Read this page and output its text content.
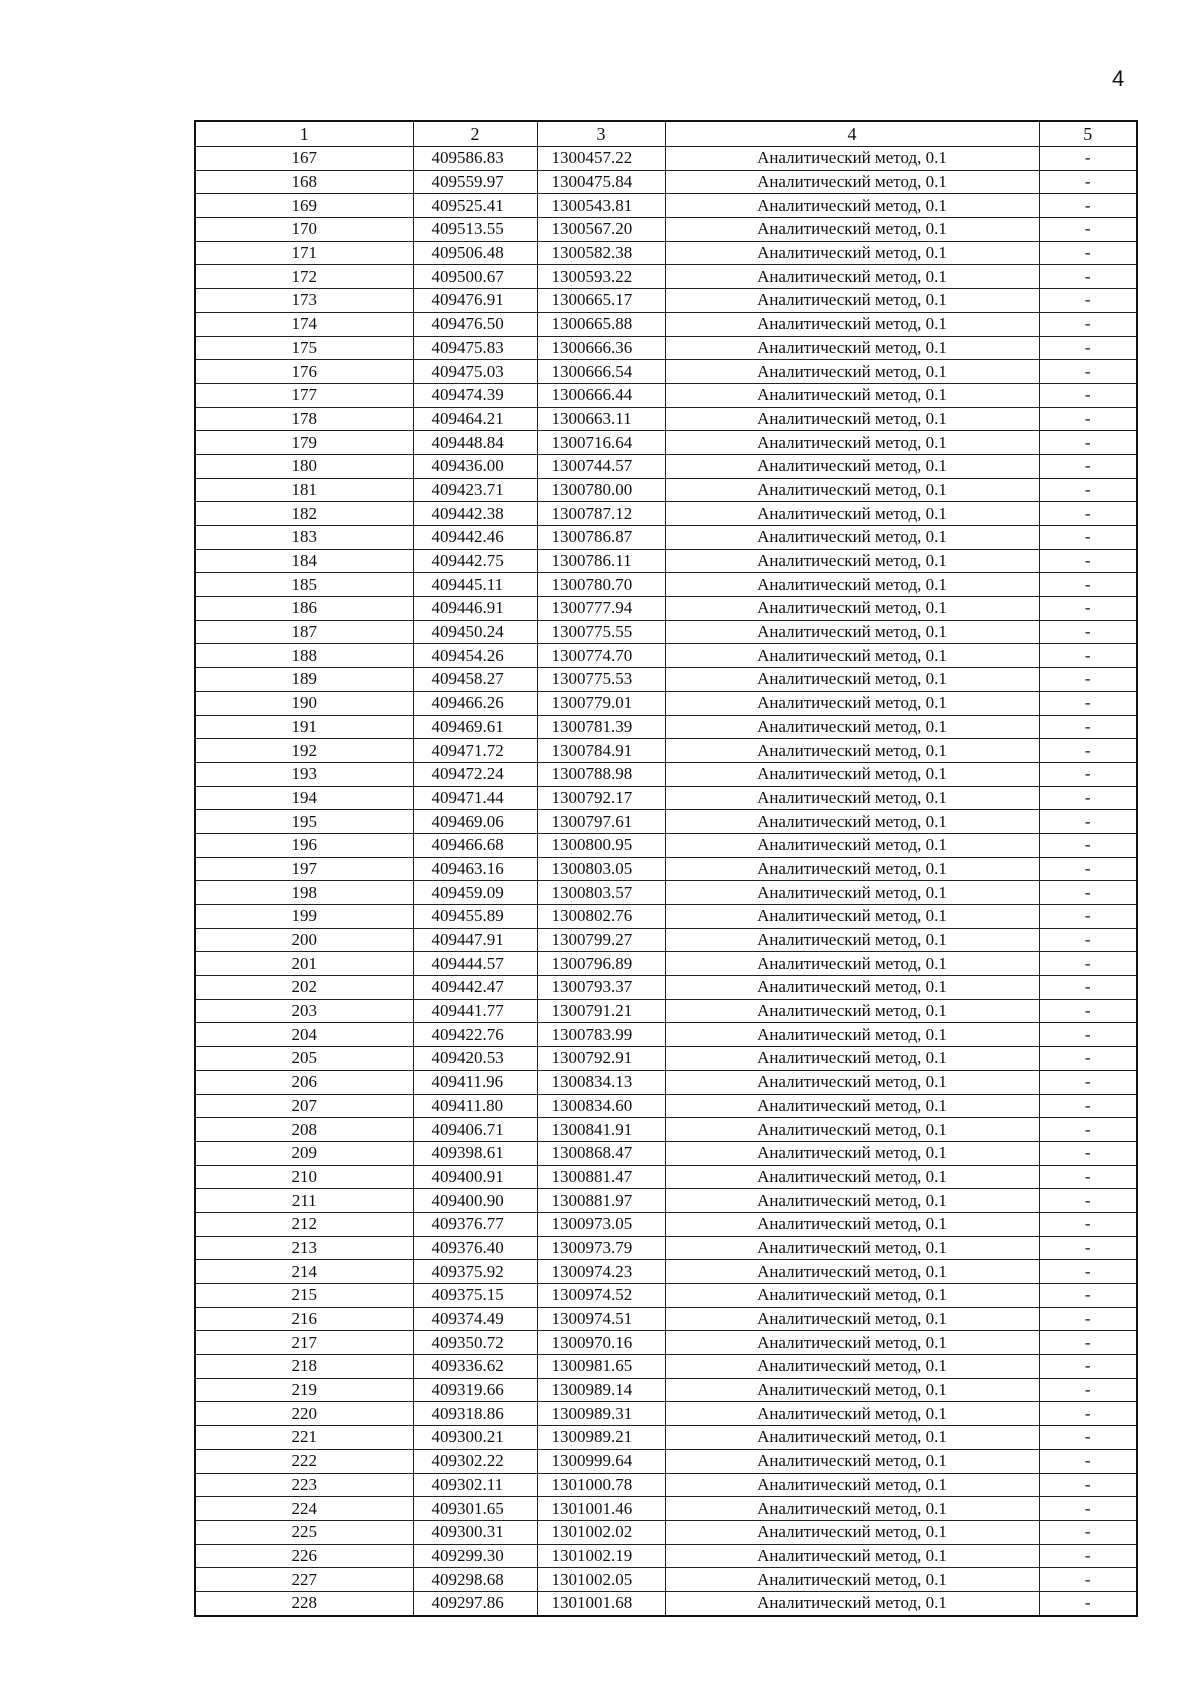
4
1	2	3	4	5
167	409586.83	1300457.22	Аналитический метод, 0.1	-
168	409559.97	1300475.84	Аналитический метод, 0.1	-
169	409525.41	1300543.81	Аналитический метод, 0.1	-
170	409513.55	1300567.20	Аналитический метод, 0.1	-
171	409506.48	1300582.38	Аналитический метод, 0.1	-
172	409500.67	1300593.22	Аналитический метод, 0.1	-
173	409476.91	1300665.17	Аналитический метод, 0.1	-
174	409476.50	1300665.88	Аналитический метод, 0.1	-
175	409475.83	1300666.36	Аналитический метод, 0.1	-
176	409475.03	1300666.54	Аналитический метод, 0.1	-
177	409474.39	1300666.44	Аналитический метод, 0.1	-
178	409464.21	1300663.11	Аналитический метод, 0.1	-
179	409448.84	1300716.64	Аналитический метод, 0.1	-
180	409436.00	1300744.57	Аналитический метод, 0.1	-
181	409423.71	1300780.00	Аналитический метод, 0.1	-
182	409442.38	1300787.12	Аналитический метод, 0.1	-
183	409442.46	1300786.87	Аналитический метод, 0.1	-
184	409442.75	1300786.11	Аналитический метод, 0.1	-
185	409445.11	1300780.70	Аналитический метод, 0.1	-
186	409446.91	1300777.94	Аналитический метод, 0.1	-
187	409450.24	1300775.55	Аналитический метод, 0.1	-
188	409454.26	1300774.70	Аналитический метод, 0.1	-
189	409458.27	1300775.53	Аналитический метод, 0.1	-
190	409466.26	1300779.01	Аналитический метод, 0.1	-
191	409469.61	1300781.39	Аналитический метод, 0.1	-
192	409471.72	1300784.91	Аналитический метод, 0.1	-
193	409472.24	1300788.98	Аналитический метод, 0.1	-
194	409471.44	1300792.17	Аналитический метод, 0.1	-
195	409469.06	1300797.61	Аналитический метод, 0.1	-
196	409466.68	1300800.95	Аналитический метод, 0.1	-
197	409463.16	1300803.05	Аналитический метод, 0.1	-
198	409459.09	1300803.57	Аналитический метод, 0.1	-
199	409455.89	1300802.76	Аналитический метод, 0.1	-
200	409447.91	1300799.27	Аналитический метод, 0.1	-
201	409444.57	1300796.89	Аналитический метод, 0.1	-
202	409442.47	1300793.37	Аналитический метод, 0.1	-
203	409441.77	1300791.21	Аналитический метод, 0.1	-
204	409422.76	1300783.99	Аналитический метод, 0.1	-
205	409420.53	1300792.91	Аналитический метод, 0.1	-
206	409411.96	1300834.13	Аналитический метод, 0.1	-
207	409411.80	1300834.60	Аналитический метод, 0.1	-
208	409406.71	1300841.91	Аналитический метод, 0.1	-
209	409398.61	1300868.47	Аналитический метод, 0.1	-
210	409400.91	1300881.47	Аналитический метод, 0.1	-
211	409400.90	1300881.97	Аналитический метод, 0.1	-
212	409376.77	1300973.05	Аналитический метод, 0.1	-
213	409376.40	1300973.79	Аналитический метод, 0.1	-
214	409375.92	1300974.23	Аналитический метод, 0.1	-
215	409375.15	1300974.52	Аналитический метод, 0.1	-
216	409374.49	1300974.51	Аналитический метод, 0.1	-
217	409350.72	1300970.16	Аналитический метод, 0.1	-
218	409336.62	1300981.65	Аналитический метод, 0.1	-
219	409319.66	1300989.14	Аналитический метод, 0.1	-
220	409318.86	1300989.31	Аналитический метод, 0.1	-
221	409300.21	1300989.21	Аналитический метод, 0.1	-
222	409302.22	1300999.64	Аналитический метод, 0.1	-
223	409302.11	1301000.78	Аналитический метод, 0.1	-
224	409301.65	1301001.46	Аналитический метод, 0.1	-
225	409300.31	1301002.02	Аналитический метод, 0.1	-
226	409299.30	1301002.19	Аналитический метод, 0.1	-
227	409298.68	1301002.05	Аналитический метод, 0.1	-
228	409297.86	1301001.68	Аналитический метод, 0.1	-
